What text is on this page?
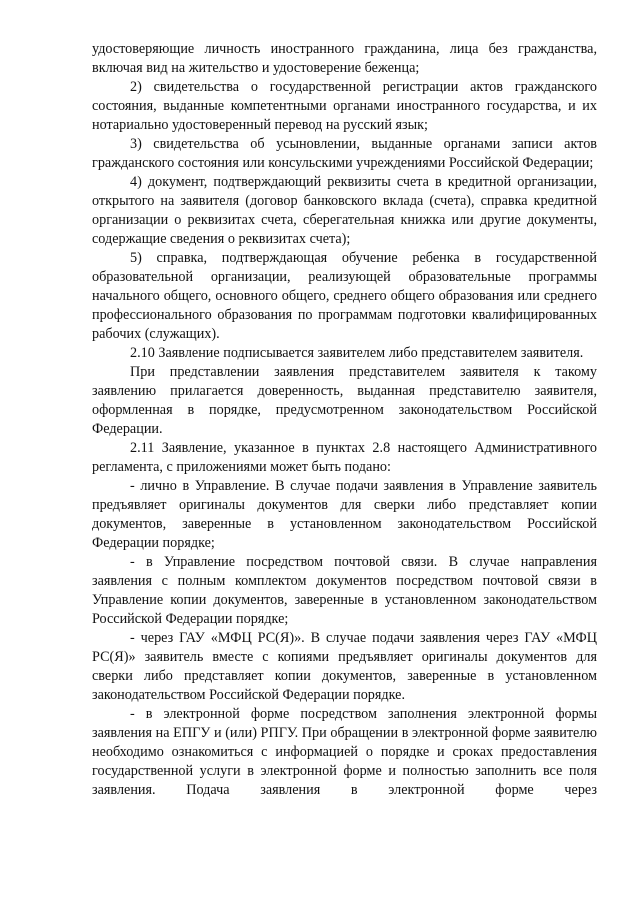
удостоверяющие личность иностранного гражданина, лица без гражданства, включая вид на жительство и удостоверение беженца;

2) свидетельства о государственной регистрации актов гражданского состояния, выданные компетентными органами иностранного государства, и их нотариально удостоверенный перевод на русский язык;

3) свидетельства об усыновлении, выданные органами записи актов гражданского состояния или консульскими учреждениями Российской Федерации;

4) документ, подтверждающий реквизиты счета в кредитной организации, открытого на заявителя (договор банковского вклада (счета), справка кредитной организации о реквизитах счета, сберегательная книжка или другие документы, содержащие сведения о реквизитах счета);

5) справка, подтверждающая обучение ребенка в государственной образовательной организации, реализующей образовательные программы начального общего, основного общего, среднего общего образования или среднего профессионального образования по программам подготовки квалифицированных рабочих (служащих).

2.10 Заявление подписывается заявителем либо представителем заявителя.

При представлении заявления представителем заявителя к такому заявлению прилагается доверенность, выданная представителю заявителя, оформленная в порядке, предусмотренном законодательством Российской Федерации.

2.11 Заявление, указанное в пунктах 2.8 настоящего Административного регламента, с приложениями может быть подано:

- лично в Управление. В случае подачи заявления в Управление заявитель предъявляет оригиналы документов для сверки либо представляет копии документов, заверенные в установленном законодательством Российской Федерации порядке;

- в Управление посредством почтовой связи. В случае направления заявления с полным комплектом документов посредством почтовой связи в Управление копии документов, заверенные в установленном законодательством Российской Федерации порядке;

- через ГАУ «МФЦ РС(Я)». В случае подачи заявления через ГАУ «МФЦ РС(Я)» заявитель вместе с копиями предъявляет оригиналы документов для сверки либо представляет копии документов, заверенные в установленном законодательством Российской Федерации порядке.

- в электронной форме посредством заполнения электронной формы заявления на ЕПГУ и (или) РПГУ. При обращении в электронной форме заявителю необходимо ознакомиться с информацией о порядке и сроках предоставления государственной услуги в электронной форме и полностью заполнить все поля заявления. Подача заявления в электронной форме через
